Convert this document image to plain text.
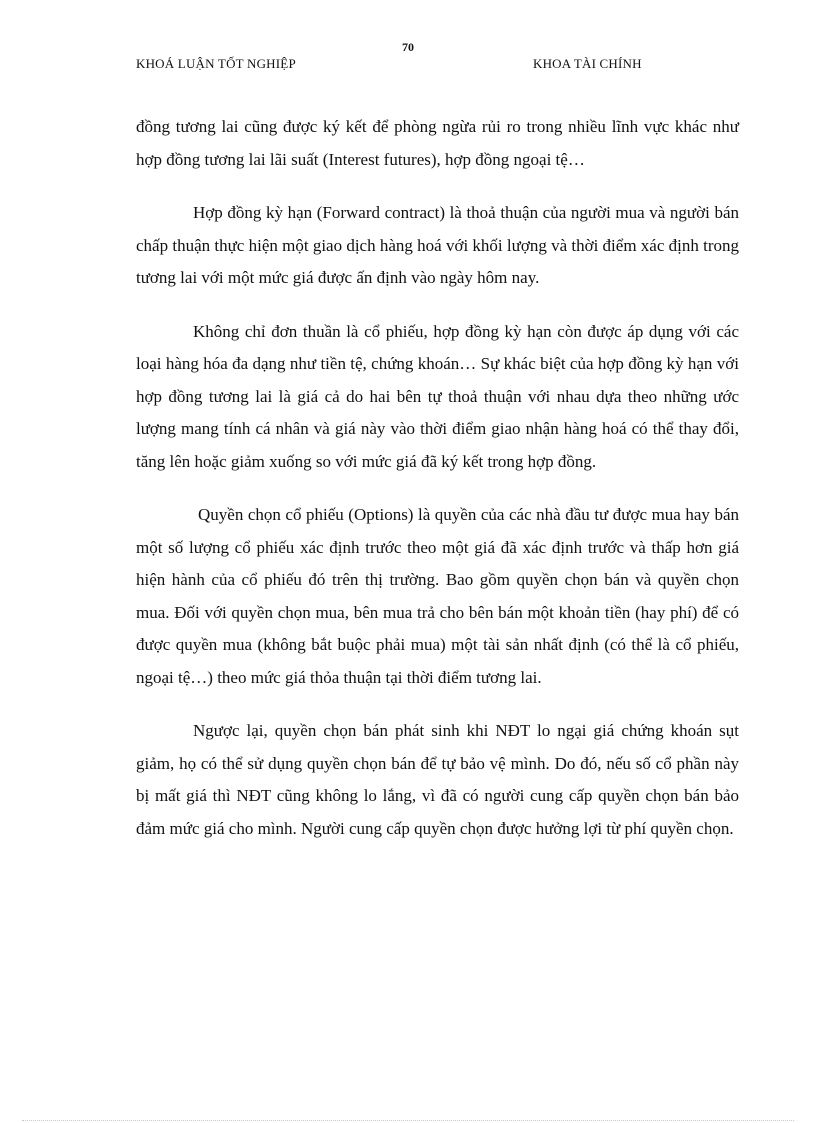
70
KHOÁ LUẬN TỐT NGHIỆP	KHOA TÀI CHÍNH

đồng tương lai cũng được ký kết để phòng ngừa rủi ro trong nhiều lĩnh vực khác như hợp đồng tương lai lãi suất (Interest futures), hợp đồng ngoại tệ…

Hợp đồng kỳ hạn (Forward contract) là thoả thuận của người mua và người bán chấp thuận thực hiện một giao dịch hàng hoá với khối lượng và thời điểm xác định trong tương lai với một mức giá được ấn định vào ngày hôm nay.

Không chỉ đơn thuần là cổ phiếu, hợp đồng kỳ hạn còn được áp dụng với các loại hàng hóa đa dạng như tiền tệ, chứng khoán… Sự khác biệt của hợp đồng kỳ hạn với hợp đồng tương lai là giá cả do hai bên tự thoả thuận với nhau dựa theo những ước lượng mang tính cá nhân và giá này vào thời điểm giao nhận hàng hoá có thể thay đổi, tăng lên hoặc giảm xuống so với mức giá đã ký kết trong hợp đồng.

Quyền chọn cổ phiếu (Options) là quyền của các nhà đầu tư được mua hay bán một số lượng cổ phiếu xác định trước theo một giá đã xác định trước và thấp hơn giá hiện hành của cổ phiếu đó trên thị trường. Bao gồm quyền chọn bán và quyền chọn mua. Đối với quyền chọn mua, bên mua trả cho bên bán một khoản tiền (hay phí) để có được quyền mua (không bắt buộc phải mua) một tài sản nhất định (có thể là cổ phiếu, ngoại tệ…) theo mức giá thỏa thuận tại thời điểm tương lai.

Ngược lại, quyền chọn bán phát sinh khi NĐT lo ngại giá chứng khoán sụt giảm, họ có thể sử dụng quyền chọn bán để tự bảo vệ mình. Do đó, nếu số cổ phần này bị mất giá thì NĐT cũng không lo lắng, vì đã có người cung cấp quyền chọn bán bảo đảm mức giá cho mình. Người cung cấp quyền chọn được hưởng lợi từ phí quyền chọn.
